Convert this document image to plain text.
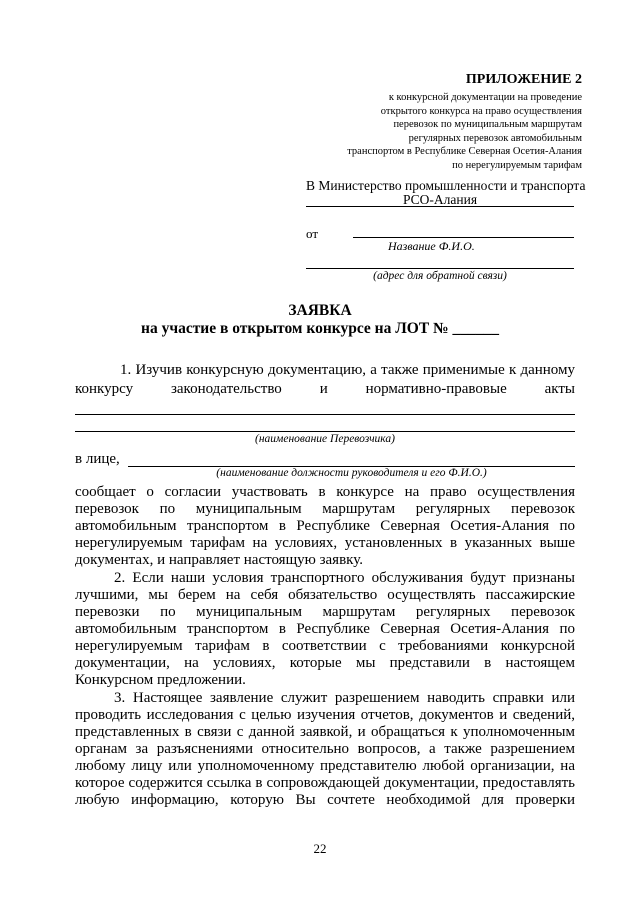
ПРИЛОЖЕНИЕ 2
к конкурсной документации на проведение
открытого конкурса на право осуществления
перевозок по муниципальным маршрутам
регулярных перевозок автомобильным
транспортом в Республике Северная Осетия-Алания
по нерегулируемым тарифам
В Министерство промышленности и транспорта
РСО-Алания
от
Название Ф.И.О.
(адрес для обратной связи)
ЗАЯВКА
на участие в открытом конкурсе на ЛОТ № ______
1. Изучив конкурсную документацию, а также применимые к данному
конкурсу законодательство и нормативно-правовые акты
(наименование Перевозчика)
в лице,
(наименование должности руководителя и его Ф.И.О.)
сообщает о согласии участвовать в конкурсе на право осуществления
перевозок по муниципальным маршрутам регулярных перевозок
автомобильным транспортом в Республике Северная Осетия-Алания по
нерегулируемым тарифам на условиях, установленных в указанных выше
документах, и направляет настоящую заявку.
2. Если наши условия транспортного обслуживания будут признаны
лучшими, мы берем на себя обязательство осуществлять пассажирские
перевозки по муниципальным маршрутам регулярных перевозок
автомобильным транспортом в Республике Северная Осетия-Алания по
нерегулируемым тарифам в соответствии с требованиями конкурсной
документации, на условиях, которые мы представили в настоящем
Конкурсном предложении.
3. Настоящее заявление служит разрешением наводить справки или
проводить исследования с целью изучения отчетов, документов и сведений,
представленных в связи с данной заявкой, и обращаться к уполномоченным
органам за разъяснениями относительно вопросов, а также разрешением
любому лицу или уполномоченному представителю любой организации, на
которое содержится ссылка в сопровождающей документации, предоставлять
любую информацию, которую Вы сочтете необходимой для проверки
22
